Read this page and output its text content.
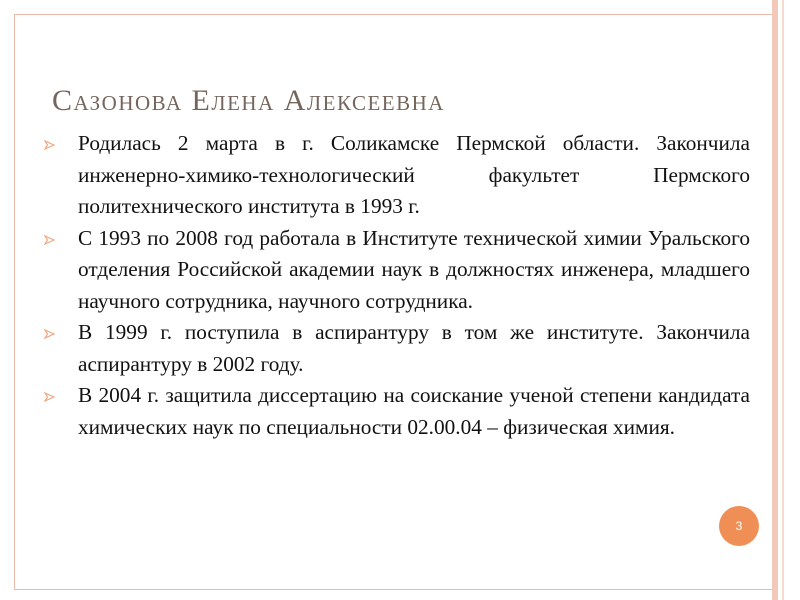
Сазонова Елена Алексеевна
Родилась 2 марта в г. Соликамске Пермской области. Закончила инженерно-химико-технологический факультет Пермского политехнического института в 1993 г.
С 1993 по 2008 год работала в Институте технической химии Уральского отделения Российской академии наук в должностях инженера, младшего научного сотрудника, научного сотрудника.
В 1999 г. поступила в аспирантуру в том же институте. Закончила аспирантуру в 2002 году.
В 2004 г. защитила диссертацию на соискание ученой степени кандидата химических наук по специальности 02.00.04 – физическая химия.
3
